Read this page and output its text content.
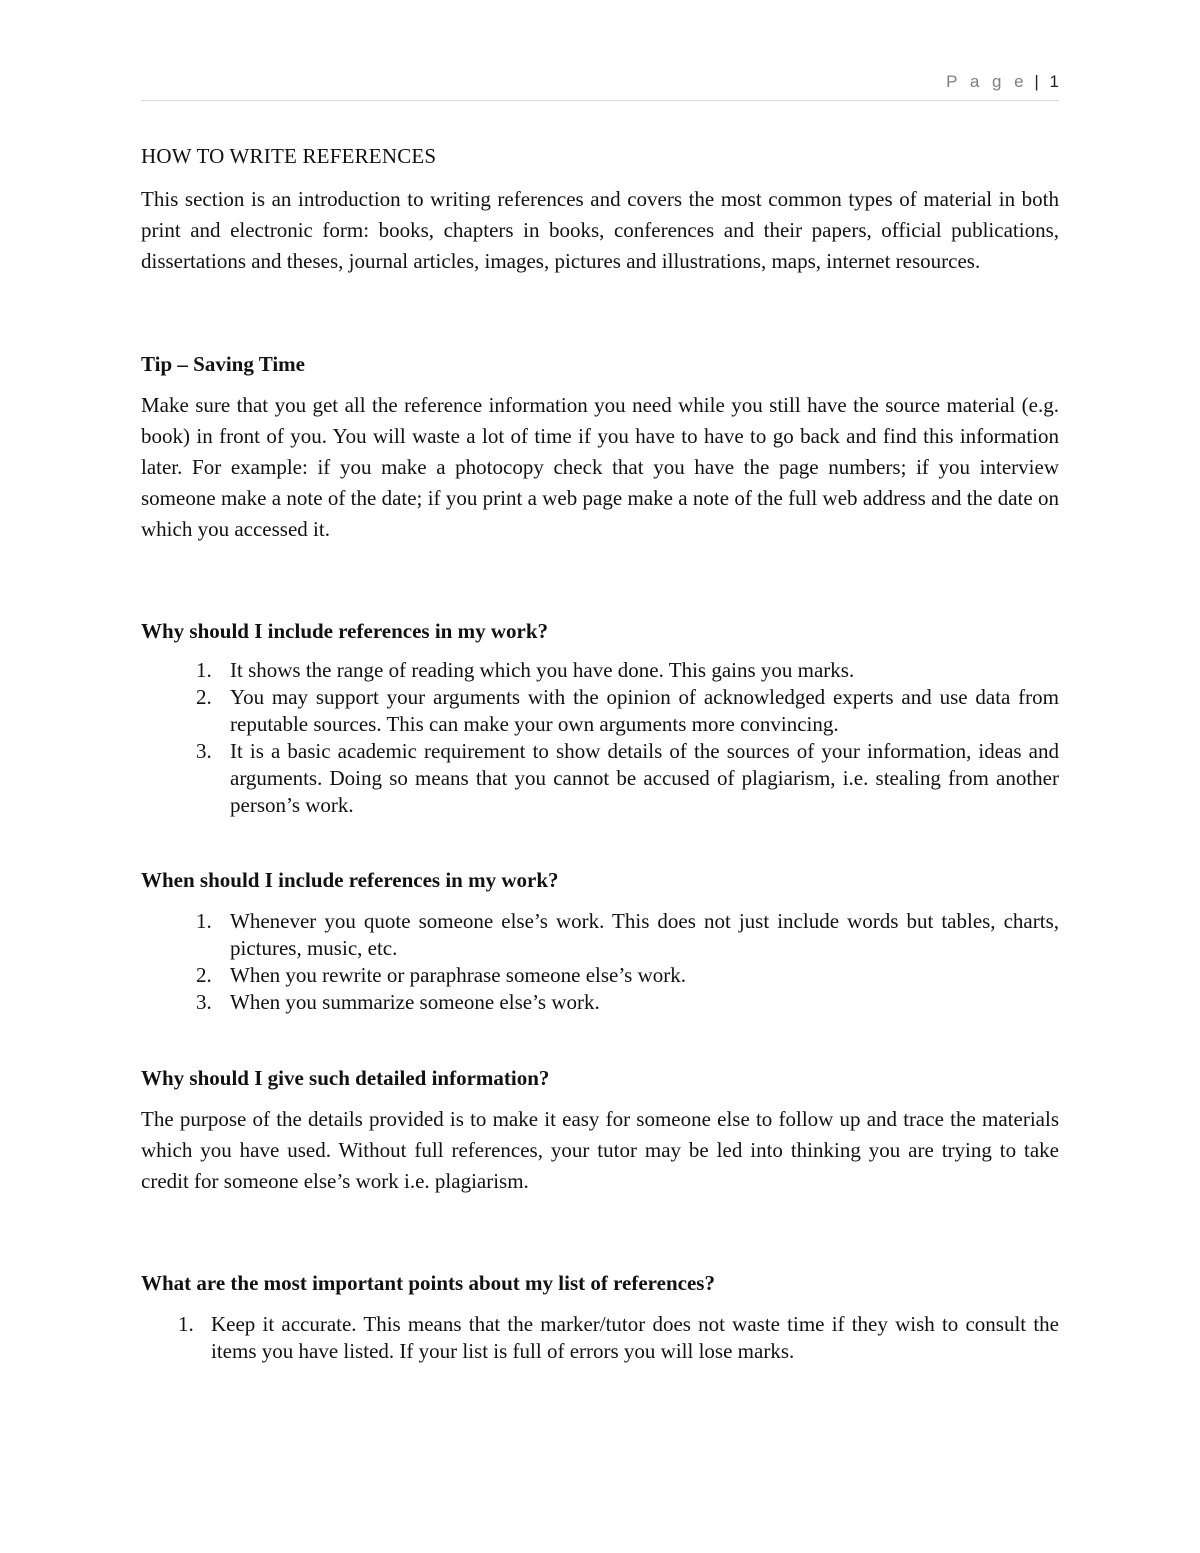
P a g e | 1
HOW TO WRITE REFERENCES

This section is an introduction to writing references and covers the most common types of material in both print and electronic form: books, chapters in books, conferences and their papers, official publications, dissertations and theses, journal articles, images, pictures and illustrations, maps, internet resources.

Tip – Saving Time

Make sure that you get all the reference information you need while you still have the source material (e.g. book) in front of you. You will waste a lot of time if you have to have to go back and find this information later. For example: if you make a photocopy check that you have the page numbers; if you interview someone make a note of the date; if you print a web page make a note of the full web address and the date on which you accessed it.

Why should I include references in my work?
1. It shows the range of reading which you have done. This gains you marks.
2. You may support your arguments with the opinion of acknowledged experts and use data from reputable sources. This can make your own arguments more convincing.
3. It is a basic academic requirement to show details of the sources of your information, ideas and arguments. Doing so means that you cannot be accused of plagiarism, i.e. stealing from another person’s work.
When should I include references in my work?
1. Whenever you quote someone else’s work. This does not just include words but tables, charts, pictures, music, etc.
2. When you rewrite or paraphrase someone else’s work.
3. When you summarize someone else’s work.
Why should I give such detailed information?

The purpose of the details provided is to make it easy for someone else to follow up and trace the materials which you have used. Without full references, your tutor may be led into thinking you are trying to take credit for someone else’s work i.e. plagiarism.

What are the most important points about my list of references?
1. Keep it accurate. This means that the marker/tutor does not waste time if they wish to consult the items you have listed. If your list is full of errors you will lose marks.
